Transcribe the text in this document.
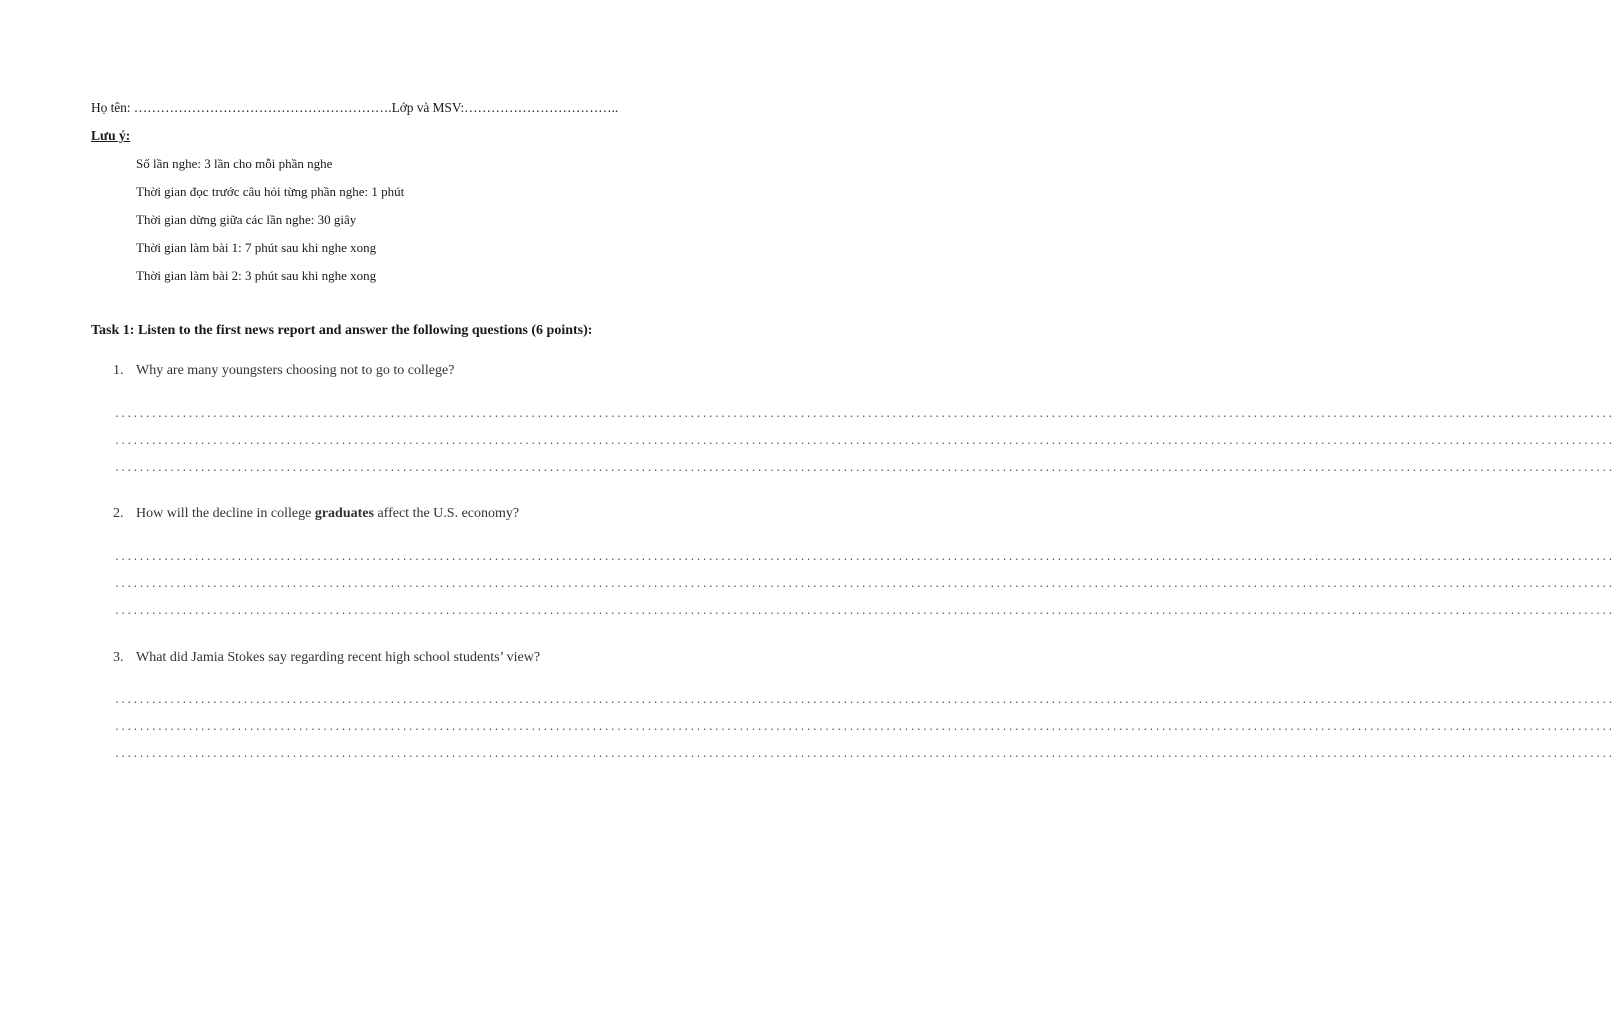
Họ tên: ………………………………………………….Lớp và MSV:……………………………..
Lưu ý:
Số lần nghe: 3 lần cho mỗi phần nghe
Thời gian đọc trước câu hỏi từng phần nghe: 1 phút
Thời gian dừng giữa các lần nghe: 30 giây
Thời gian làm bài 1: 7 phút sau khi nghe xong
Thời gian làm bài 2: 3 phút sau khi nghe xong
Task 1: Listen to the first news report and answer the following questions (6 points):
1. Why are many youngsters choosing not to go to college?
.....................................................................................................................................................................................................................................................
.....................................................................................................................................................................................................................................................
.....................................................................................................................................................................................................................................................
2. How will the decline in college graduates affect the U.S. economy?
.....................................................................................................................................................................................................................................................
.....................................................................................................................................................................................................................................................
.....................................................................................................................................................................................................................................................
3. What did Jamia Stokes say regarding recent high school students’ view?
.....................................................................................................................................................................................................................................................
.....................................................................................................................................................................................................................................................
.....................................................................................................................................................................................................................................................
